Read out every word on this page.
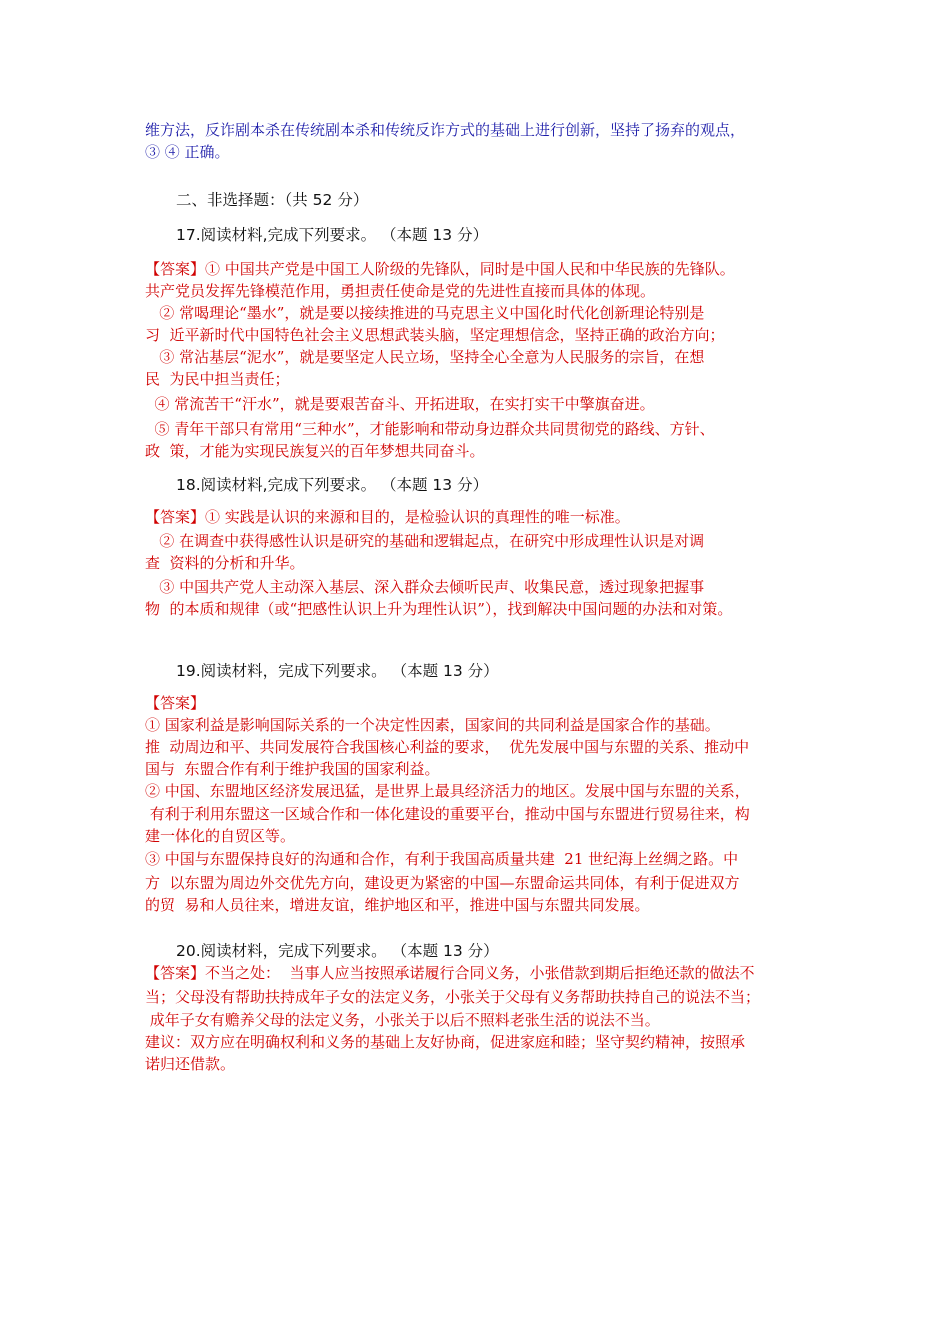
维方法，反诈剧本杀在传统剧本杀和传统反诈方式的基础上进行创新，坚持了扬弃的观点，
③ ④ 正确。
二、非选择题：（共 52 分）
17.阅读材料,完成下列要求。 （本题 13 分）
【答案】① 中国共产党是中国工人阶级的先锋队，同时是中国人民和中华民族的先锋队。
共产党员发挥先锋模范作用，勇担责任使命是党的先进性直接而具体的体现。
② 常喝理论“墨水”，就是要以接续推进的马克思主义中国化时代化创新理论特别是
习  近平新时代中国特色社会主义思想武装头脑，坚定理想信念，坚持正确的政治方向；
③ 常沾基层“泥水”，就是要坚定人民立场，坚持全心全意为人民服务的宗旨，在想
民  为民中担当责任；
④ 常流苦干“汗水”，就是要艰苦奋斗、开拓进取，在实打实干中擎旗奋进。
⑤ 青年干部只有常用“三种水”，才能影响和带动身边群众共同贯彻党的路线、方针、
政  策，才能为实现民族复兴的百年梦想共同奋斗。
18.阅读材料,完成下列要求。 （本题 13 分）
【答案】① 实践是认识的来源和目的，是检验认识的真理性的唯一标准。
② 在调查中获得感性认识是研究的基础和逻辑起点，在研究中形成理性认识是对调
查  资料的分析和升华。
③ 中国共产党人主动深入基层、深入群众去倾听民声、收集民意，透过现象把握事
物  的本质和规律（或“把感性认识上升为理性认识”），找到解决中国问题的办法和对策。
19.阅读材料，完成下列要求。 （本题 13 分）
【答案】
① 国家利益是影响国际关系的一个决定性因素，国家间的共同利益是国家合作的基础。
推  动周边和平、共同发展符合我国核心利益的要求，  优先发展中国与东盟的关系、推动中
国与  东盟合作有利于维护我国的国家利益。
② 中国、东盟地区经济发展迅猛，是世界上最具经济活力的地区。发展中国与东盟的关系，
有利于利用东盟这一区域合作和一体化建设的重要平台，推动中国与东盟进行贸易往来，构
建一体化的自贸区等。
③ 中国与东盟保持良好的沟通和合作，有利于我国高质量共建  21 世纪海上丝绸之路。中
方  以东盟为周边外交优先方向，建设更为紧密的中国—东盟命运共同体，有利于促进双方
的贸  易和人员往来，增进友谊，维护地区和平，推进中国与东盟共同发展。
20.阅读材料，完成下列要求。 （本题 13 分）
【答案】不当之处：  当事人应当按照承诺履行合同义务，小张借款到期后拒绝还款的做法不
当；父母没有帮助扶持成年子女的法定义务，小张关于父母有义务帮助扶持自己的说法不当；
成年子女有赡养父母的法定义务，小张关于以后不照料老张生活的说法不当。
建议：双方应在明确权利和义务的基础上友好协商，促进家庭和睦；坚守契约精神，按照承
诺归还借款。
